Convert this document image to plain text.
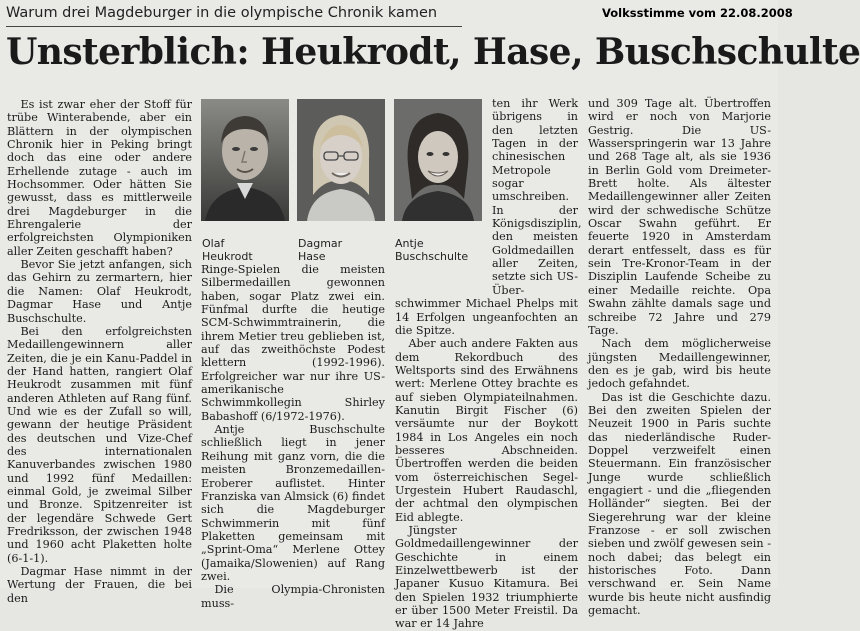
Warum drei Magdeburger in die olympische Chronik kamen	Volksstimme vom 22.08.2008
Unsterblich: Heukrodt, Hase, Buschschulte

Es ist zwar eher der Stoff für trübe Winterabende, aber ein Blättern in der olympischen Chronik hier in Peking bringt doch das eine oder andere Erhellende zutage - auch im Hochsommer. Oder hätten Sie gewusst, dass es mittlerweile drei Magdeburger in die Ehrengalerie der erfolgreichsten Olympioniken aller Zeiten geschafft haben?

Bevor Sie jetzt anfangen, sich das Gehirn zu zermartern, hier die Namen: Olaf Heukrodt, Dagmar Hase und Antje Buschschulte.

Bei den erfolgreichsten Medaillengewinnern aller Zeiten, die je ein Kanu-Paddel in der Hand hatten, rangiert Olaf Heukrodt zusammen mit fünf anderen Athleten auf Rang fünf. Und wie es der Zufall so will, gewann der heutige Präsident des deutschen und Vize-Chef des internationalen Kanuverbandes zwischen 1980 und 1992 fünf Medaillen: einmal Gold, je zweimal Silber und Bronze. Spitzenreiter ist der legendäre Schwede Gert Fredriksson, der zwischen 1948 und 1960 acht Plaketten holte (6-1-1).

Dagmar Hase nimmt in der Wertung der Frauen, die bei den

Olaf
Heukrodt
Dagmar
Hase
Antje
Buschschulte

Ringe-Spielen die meisten Silbermedaillen gewonnen haben, sogar Platz zwei ein. Fünfmal durfte die heutige SCM-Schwimmtrainerin, die ihrem Metier treu geblieben ist, auf das zweithöchste Podest klettern (1992-1996). Erfolgreicher war nur ihre US-amerikanische Schwimmkollegin Shirley Babashoff (6/1972-1976).

Antje Buschschulte schließlich liegt in jener Reihung mit ganz vorn, die die meisten Bronzemedaillen-Eroberer auflistet. Hinter Franziska van Almsick (6) findet sich die Magdeburger Schwimmerin mit fünf Plaketten gemeinsam mit „Sprint-Oma“ Merlene Ottey (Jamaika/Slowenien) auf Rang zwei.

Die Olympia-Chronisten muss-

ten ihr Werk übrigens in den letzten Tagen in der chinesischen Metropole sogar umschreiben. In der Königsdisziplin, den meisten Goldmedaillen aller Zeiten, setzte sich US-Über-

schwimmer Michael Phelps mit 14 Erfolgen ungeanfochten an die Spitze.

Aber auch andere Fakten aus dem Rekordbuch des Weltsports sind des Erwähnens wert: Merlene Ottey brachte es auf sieben Olympiateilnahmen. Kanutin Birgit Fischer (6) versäumte nur der Boykott 1984 in Los Angeles ein noch besseres Abschneiden. Übertroffen werden die beiden vom österreichischen Segel-Urgestein Hubert Raudaschl, der achtmal den olympischen Eid ablegte.

Jüngster Goldmedaillengewinner der Geschichte in einem Einzelwettbewerb ist der Japaner Kusuo Kitamura. Bei den Spielen 1932 triumphierte er über 1500 Meter Freistil. Da war er 14 Jahre

und 309 Tage alt. Übertroffen wird er noch von Marjorie Gestrig. Die US-Wasserspringerin war 13 Jahre und 268 Tage alt, als sie 1936 in Berlin Gold vom Dreimeter-Brett holte. Als ältester Medaillengewinner aller Zeiten wird der schwedische Schütze Oscar Swahn geführt. Er feuerte 1920 in Amsterdam derart entfesselt, dass es für sein Tre-Kronor-Team in der Disziplin Laufende Scheibe zu einer Medaille reichte. Opa Swahn zählte damals sage und schreibe 72 Jahre und 279 Tage.

Nach dem möglicherweise jüngsten Medaillengewinner, den es je gab, wird bis heute jedoch gefahndet.

Das ist die Geschichte dazu. Bei den zweiten Spielen der Neuzeit 1900 in Paris suchte das niederländische Ruder-Doppel verzweifelt einen Steuermann. Ein französischer Junge wurde schließlich engagiert - und die „fliegenden Holländer“ siegten. Bei der Siegerehrung war der kleine Franzose - er soll zwischen sieben und zwölf gewesen sein - noch dabei; das belegt ein historisches Foto. Dann verschwand er. Sein Name wurde bis heute nicht ausfindig gemacht.
